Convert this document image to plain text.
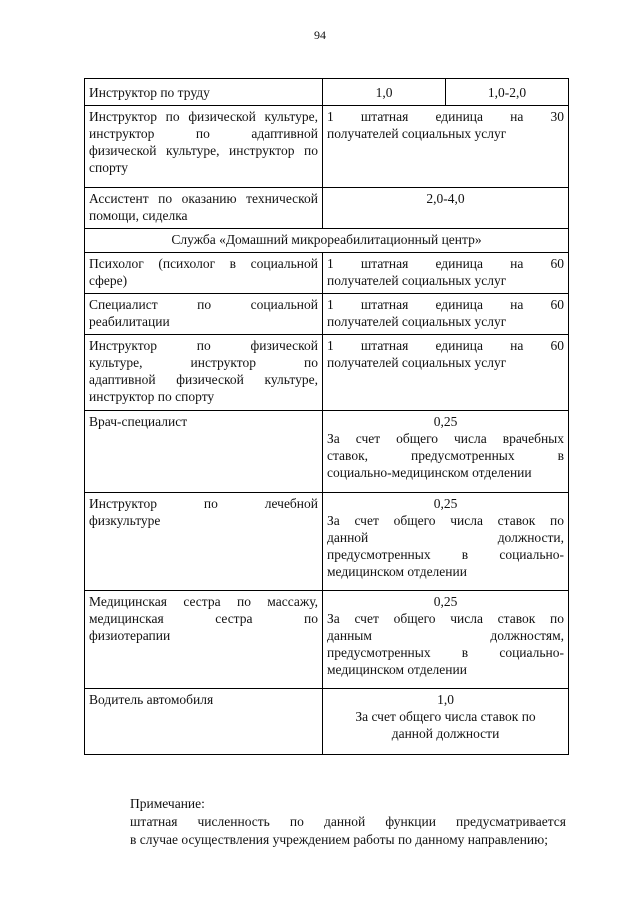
94
Инструктор по труду	1,0	1,0-2,0

Инструктор по физической культуре,
инструктор по адаптивной
физической культуре, инструктор по
спорту	1 штатная единица на 30
получателей социальных услуг	

Ассистент по оказанию технической
помощи, сиделка	2,0-4,0	
Служба «Домашний микрореабилитационный центр»		

Психолог (психолог в социальной
сфере)	1 штатная единица на 60
получателей социальных услуг	

Специалист по социальной
реабилитации	1 штатная единица на 60
получателей социальных услуг	

Инструктор по физической
культуре, инструктор по
адаптивной физической культуре,
инструктор по спорту	1 штатная единица на 60
получателей социальных услуг	

Врач-специалист	0,25
За счет общего числа врачебных
ставок, предусмотренных в
социально-медицинском отделении	

Инструктор по лечебной
физкультуре	0,25
За счет общего числа ставок по
данной должности,
предусмотренных в социально-
медицинском отделении	

Медицинская сестра по массажу,
медицинская сестра по
физиотерапии	0,25
За счет общего числа ставок по
данным должностям,
предусмотренных в социально-
медицинском отделении	

Водитель автомобиля	1,0
За счет общего числа ставок по
данной должности	
Примечание:
штатная численность по данной функции предусматривается
в случае осуществления учреждением работы по данному направлению;
